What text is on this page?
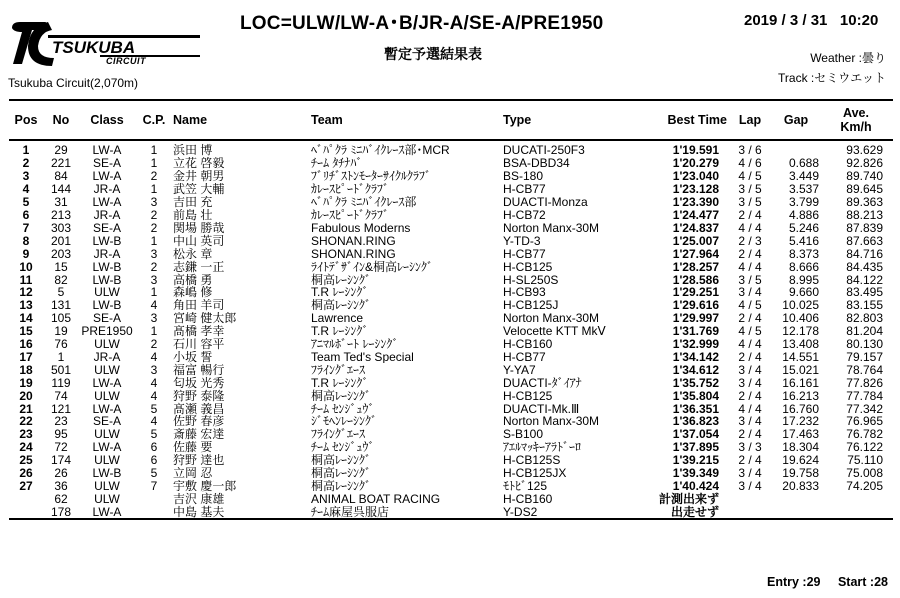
TSUKUBA
CIRCUIT
Tsukuba Circuit(2,070m)
LOC=ULW/LW-A･B/JR-A/SE-A/PRE1950	2019 / 3 / 31 10:20
暫定予選結果表	Weather :曇り
Track :セミウエット
Pos	No	Class	C.P.	Name	Team	Type	Best Time	Lap	Gap	Ave.
Km/h

1	29	LW-A	1	浜田 博	ﾍﾞﾊﾟｸﾗ ﾐﾆﾊﾞｲｸﾚｰｽ部･MCR	DUCATI-250F3	1'19.591	3 / 6		93.629
2	221	SE-A	1	立花 啓毅	ﾁｰﾑ ﾀﾁﾅﾊﾞ	BSA-DBD34	1'20.279	4 / 6	0.688	92.826
3	84	LW-A	2	金井 朝男	ﾌﾞﾘﾁﾞｽﾄﾝﾓｰﾀｰｻｲｸﾙｸﾗﾌﾞ	BS-180	1'23.040	4 / 5	3.449	89.740
4	144	JR-A	1	武笠 大輔	ｶﾚｰｽﾋﾟｰﾄﾞｸﾗﾌﾞ	H-CB77	1'23.128	3 / 5	3.537	89.645
5	31	LW-A	3	吉田 充	ﾍﾞﾊﾟｸﾗ ﾐﾆﾊﾞｲｸﾚｰｽ部	DUACTI-Monza	1'23.390	3 / 5	3.799	89.363
6	213	JR-A	2	前島 壮	ｶﾚｰｽﾋﾟｰﾄﾞｸﾗﾌﾞ	H-CB72	1'24.477	2 / 4	4.886	88.213
7	303	SE-A	2	関場 勝哉	Fabulous Moderns	Norton Manx-30M	1'24.837	4 / 4	5.246	87.839
8	201	LW-B	1	中山 英司	SHONAN.RING	Y-TD-3	1'25.007	2 / 3	5.416	87.663
9	203	JR-A	3	松永 章	SHONAN.RING	H-CB77	1'27.964	2 / 4	8.373	84.716
10	15	LW-B	2	志鎌 一正	ﾗｲﾄﾃﾞｻﾞｲﾝ&桐高ﾚｰｼﾝｸﾞ	H-CB125	1'28.257	4 / 4	8.666	84.435
11	82	LW-B	3	高橋 勇	桐高ﾚｰｼﾝｸﾞ	H-SL250S	1'28.586	3 / 5	8.995	84.122
12	5	ULW	1	森嶋 修	T.R ﾚｰｼﾝｸﾞ	H-CB93	1'29.251	3 / 4	9.660	83.495
13	131	LW-B	4	角田 羊司	桐高ﾚｰｼﾝｸﾞ	H-CB125J	1'29.616	4 / 5	10.025	83.155
14	105	SE-A	3	宮崎 健太郎	Lawrence	Norton Manx-30M	1'29.997	2 / 4	10.406	82.803
15	19	PRE1950	1	髙橋 孝幸	T.R ﾚｰｼﾝｸﾞ	Velocette KTT MkⅤ	1'31.769	4 / 5	12.178	81.204
16	76	ULW	2	石川 容平	ｱﾆﾏﾙﾎﾞｰﾄ ﾚｰｼﾝｸﾞ	H-CB160	1'32.999	4 / 4	13.408	80.130
17	1	JR-A	4	小坂 誓	Team Ted's Special	H-CB77	1'34.142	2 / 4	14.551	79.157
18	501	ULW	3	福富 暢行	ﾌﾗｲﾝｸﾞｴｰｽ	Y-YA7	1'34.612	3 / 4	15.021	78.764
19	119	LW-A	4	匂坂 光秀	T.R ﾚｰｼﾝｸﾞ	DUACTI-ﾀﾞｲｱﾅ	1'35.752	3 / 4	16.161	77.826
20	74	ULW	4	狩野 泰隆	桐高ﾚｰｼﾝｸﾞ	H-CB125	1'35.804	2 / 4	16.213	77.784
21	121	LW-A	5	髙瀬 義昌	ﾁｰﾑ ｾﾝｼﾞｭｳﾞ	DUACTI-Mk.Ⅲ	1'36.351	4 / 4	16.760	77.342
22	23	SE-A	4	佐野 春彦	ｼﾞﾓﾍﾝﾚｰｼﾝｸﾞ	Norton Manx-30M	1'36.823	3 / 4	17.232	76.965
23	95	ULW	5	斎藤 宏達	ﾌﾗｲﾝｸﾞｴｰｽ	S-B100	1'37.054	2 / 4	17.463	76.782
24	72	LW-A	6	佐藤 要	ﾁｰﾑ ｾﾝｼﾞｭｳﾞ	ｱｴﾙﾏｯｷｰｱﾗﾄﾞｰﾛ	1'37.895	3 / 3	18.304	76.122
25	174	ULW	6	狩野 達也	桐高ﾚｰｼﾝｸﾞ	H-CB125S	1'39.215	2 / 4	19.624	75.110
26	26	LW-B	5	立岡 忍	桐高ﾚｰｼﾝｸﾞ	H-CB125JX	1'39.349	3 / 4	19.758	75.008
27	36	ULW	7	宇敷 慶一郎	桐高ﾚｰｼﾝｸﾞ	ﾓﾄﾋﾞ125	1'40.424	3 / 4	20.833	74.205
	62	ULW		吉沢 康雄	ANIMAL BOAT RACING	H-CB160	計測出来ず			
	178	LW-A		中島 基夫	ﾁｰﾑ麻屋呉服店	Y-DS2	出走せず			

Entry :29 Start :28
